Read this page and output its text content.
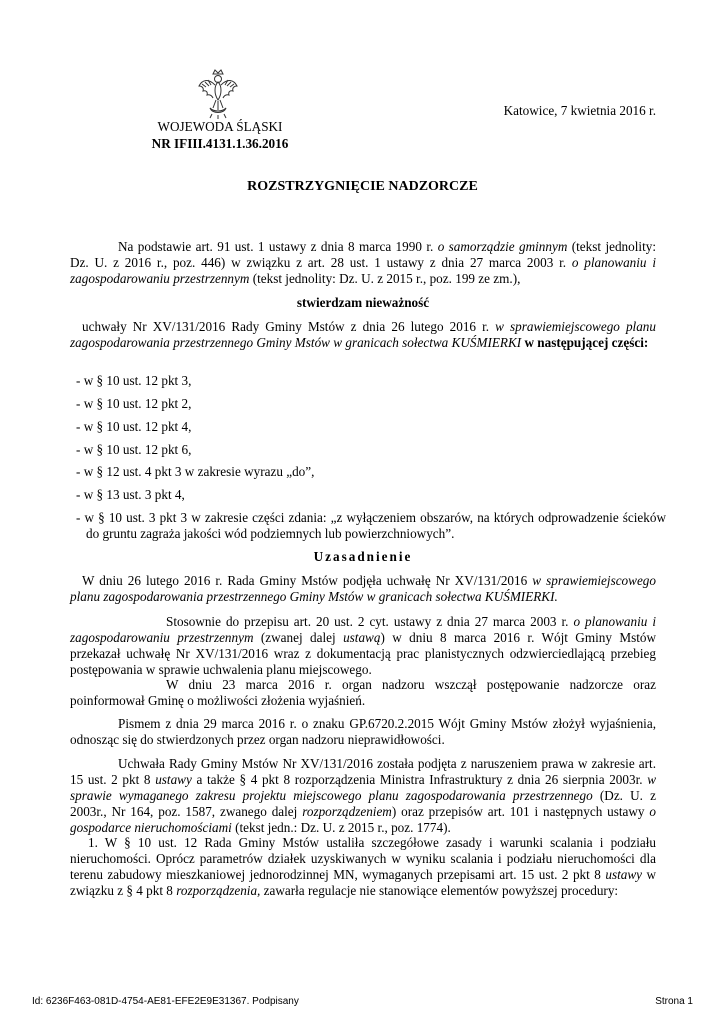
WOJEWODA ŚLĄSKI
NR IFIII.4131.1.36.2016
Katowice, 7 kwietnia 2016 r.
ROZSTRZYGNIĘCIE NADZORCZE
Na podstawie art. 91 ust. 1 ustawy z dnia 8 marca 1990 r. o samorządzie gminnym (tekst jednolity: Dz. U. z 2016 r., poz. 446) w związku z art. 28 ust. 1 ustawy z dnia 27 marca 2003 r. o planowaniu i zagospodarowaniu przestrzennym (tekst jednolity: Dz. U. z 2015 r., poz. 199 ze zm.),
stwierdzam nieważność
uchwały Nr XV/131/2016 Rady Gminy Mstów z dnia 26 lutego 2016 r. w sprawiemiejscowego planu zagospodarowania przestrzennego Gminy Mstów w granicach sołectwa KUŚMIERKI w następującej części:
- w § 10 ust. 12 pkt 3,
- w § 10 ust. 12 pkt 2,
- w § 10 ust. 12 pkt 4,
- w § 10 ust. 12 pkt 6,
- w § 12 ust. 4 pkt 3 w zakresie wyrazu „do”,
- w § 13 ust. 3 pkt 4,
- w § 10 ust. 3 pkt 3 w zakresie części zdania: „z wyłączeniem obszarów, na których odprowadzenie ścieków do gruntu zagraża jakości wód podziemnych lub powierzchniowych”.
Uzasadnienie
W dniu 26 lutego 2016 r. Rada Gminy Mstów podjęła uchwałę Nr XV/131/2016 w sprawiemiejscowego planu zagospodarowania przestrzennego Gminy Mstów w granicach sołectwa KUŚMIERKI.
Stosownie do przepisu art. 20 ust. 2 cyt. ustawy z dnia 27 marca 2003 r. o planowaniu i zagospodarowaniu przestrzennym (zwanej dalej ustawą) w dniu 8 marca 2016 r. Wójt Gminy Mstów przekazał uchwałę Nr XV/131/2016 wraz z dokumentacją prac planistycznych odzwierciedlającą przebieg postępowania w sprawie uchwalenia planu miejscowego.
W dniu 23 marca 2016 r. organ nadzoru wszczął postępowanie nadzorcze oraz poinformował Gminę o możliwości złożenia wyjaśnień.
Pismem z dnia 29 marca 2016 r. o znaku GP.6720.2.2015 Wójt Gminy Mstów złożył wyjaśnienia, odnosząc się do stwierdzonych przez organ nadzoru nieprawidłowości.
Uchwała Rady Gminy Mstów Nr XV/131/2016 została podjęta z naruszeniem prawa w zakresie art. 15 ust. 2 pkt 8 ustawy a także § 4 pkt 8 rozporządzenia Ministra Infrastruktury z dnia 26 sierpnia 2003r. w sprawie wymaganego zakresu projektu miejscowego planu zagospodarowania przestrzennego (Dz. U. z 2003r., Nr 164, poz. 1587, zwanego dalej rozporządzeniem) oraz przepisów art. 101 i następnych ustawy o gospodarce nieruchomościami (tekst jedn.: Dz. U. z 2015 r., poz. 1774).
1. W § 10 ust. 12 Rada Gminy Mstów ustaliła szczegółowe zasady i warunki scalania i podziału nieruchomości. Oprócz parametrów działek uzyskiwanych w wyniku scalania i podziału nieruchomości dla terenu zabudowy mieszkaniowej jednorodzinnej MN, wymaganych przepisami art. 15 ust. 2 pkt 8 ustawy w związku z § 4 pkt 8 rozporządzenia, zawarła regulacje nie stanowiące elementów powyższej procedury:
Id: 6236F463-081D-4754-AE81-EFE2E9E31367. Podpisany	Strona 1
